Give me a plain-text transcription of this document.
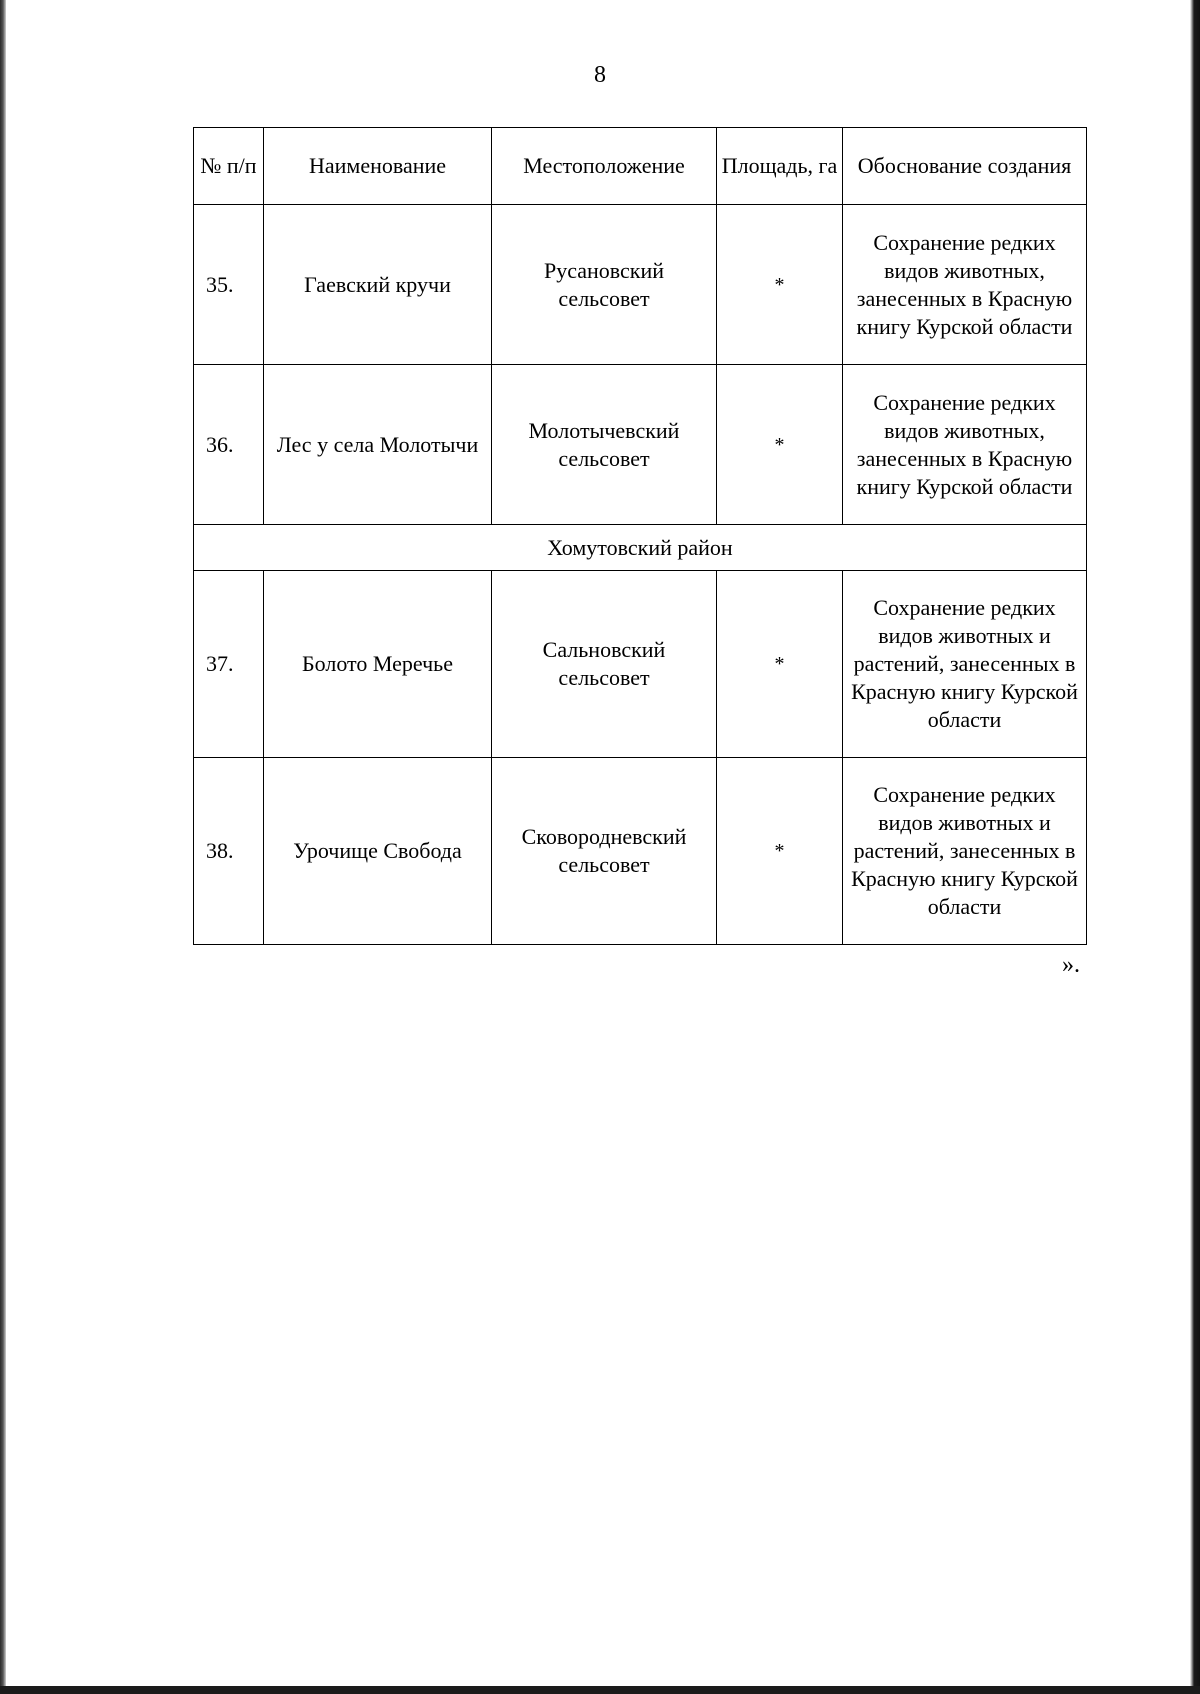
8
№ п/п	Наименование	Местоположение	Площадь, га	Обоснование создания
35.	Гаевский кручи	Русановский сельсовет	*	Сохранение редких видов животных, занесенных в Красную книгу Курской области
36.	Лес у села Молотычи	Молотычевский сельсовет	*	Сохранение редких видов животных, занесенных в Красную книгу Курской области
Хомутовский район				
37.	Болото Меречье	Сальновский сельсовет	*	Сохранение редких видов животных и растений, занесенных в Красную книгу Курской области
38.	Урочище Свобода	Сковородневский сельсовет	*	Сохранение редких видов животных и растений, занесенных в Красную книгу Курской области
».
